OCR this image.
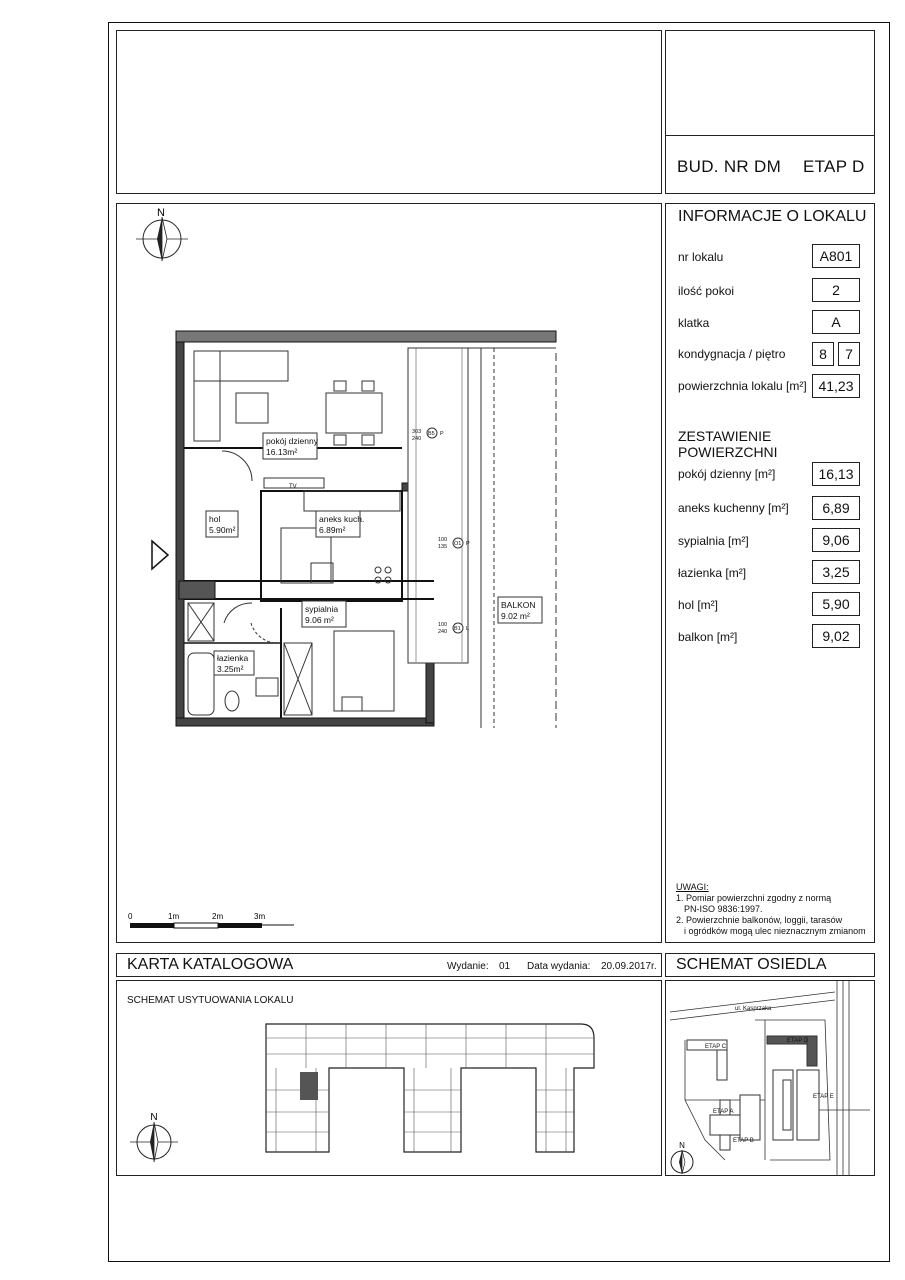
BUD. NR DM ETAP D
INFORMACJE O LOKALU
nr lokalu	A801
ilość pokoi	2
klatka	A
kondygnacja / piętro	8	7
powierzchnia lokalu [m²] 41,23
ZESTAWIENIE POWIERZCHNI
pokój dzienny [m²]	16,13
aneks kuchenny [m²]	6,89
sypialnia [m²]	9,06
łazienka [m²]	3,25
hol [m²]	5,90
balkon [m²]	9,02
UWAGI:
1. Pomiar powierzchni zgodny z normą
PN-ISO 9836:1997.
2. Powierzchnie balkonów, loggii, tarasów
i ogródków mogą ulec nieznacznym zmianom
N
pokój dzienny
16.13m²
hol
5.90m²
aneks kuch.
6.89m²
sypialnia
9.06 m²
łazienka
3.25m²
BALKON
9.02 m²
TV
303
240
B5 P
100
135 O1 P
100
240 B1 L
0	1m	2m	3m
KARTA KATALOGOWA	Wydanie: 01 Data wydania: 20.09.2017r.
SCHEMAT USYTUOWANIA LOKALU
N
SCHEMAT OSIEDLA
ul. Kasprzaka
ETAP C
ETAP D
ETAP E
ETAP A
ETAP B
N
